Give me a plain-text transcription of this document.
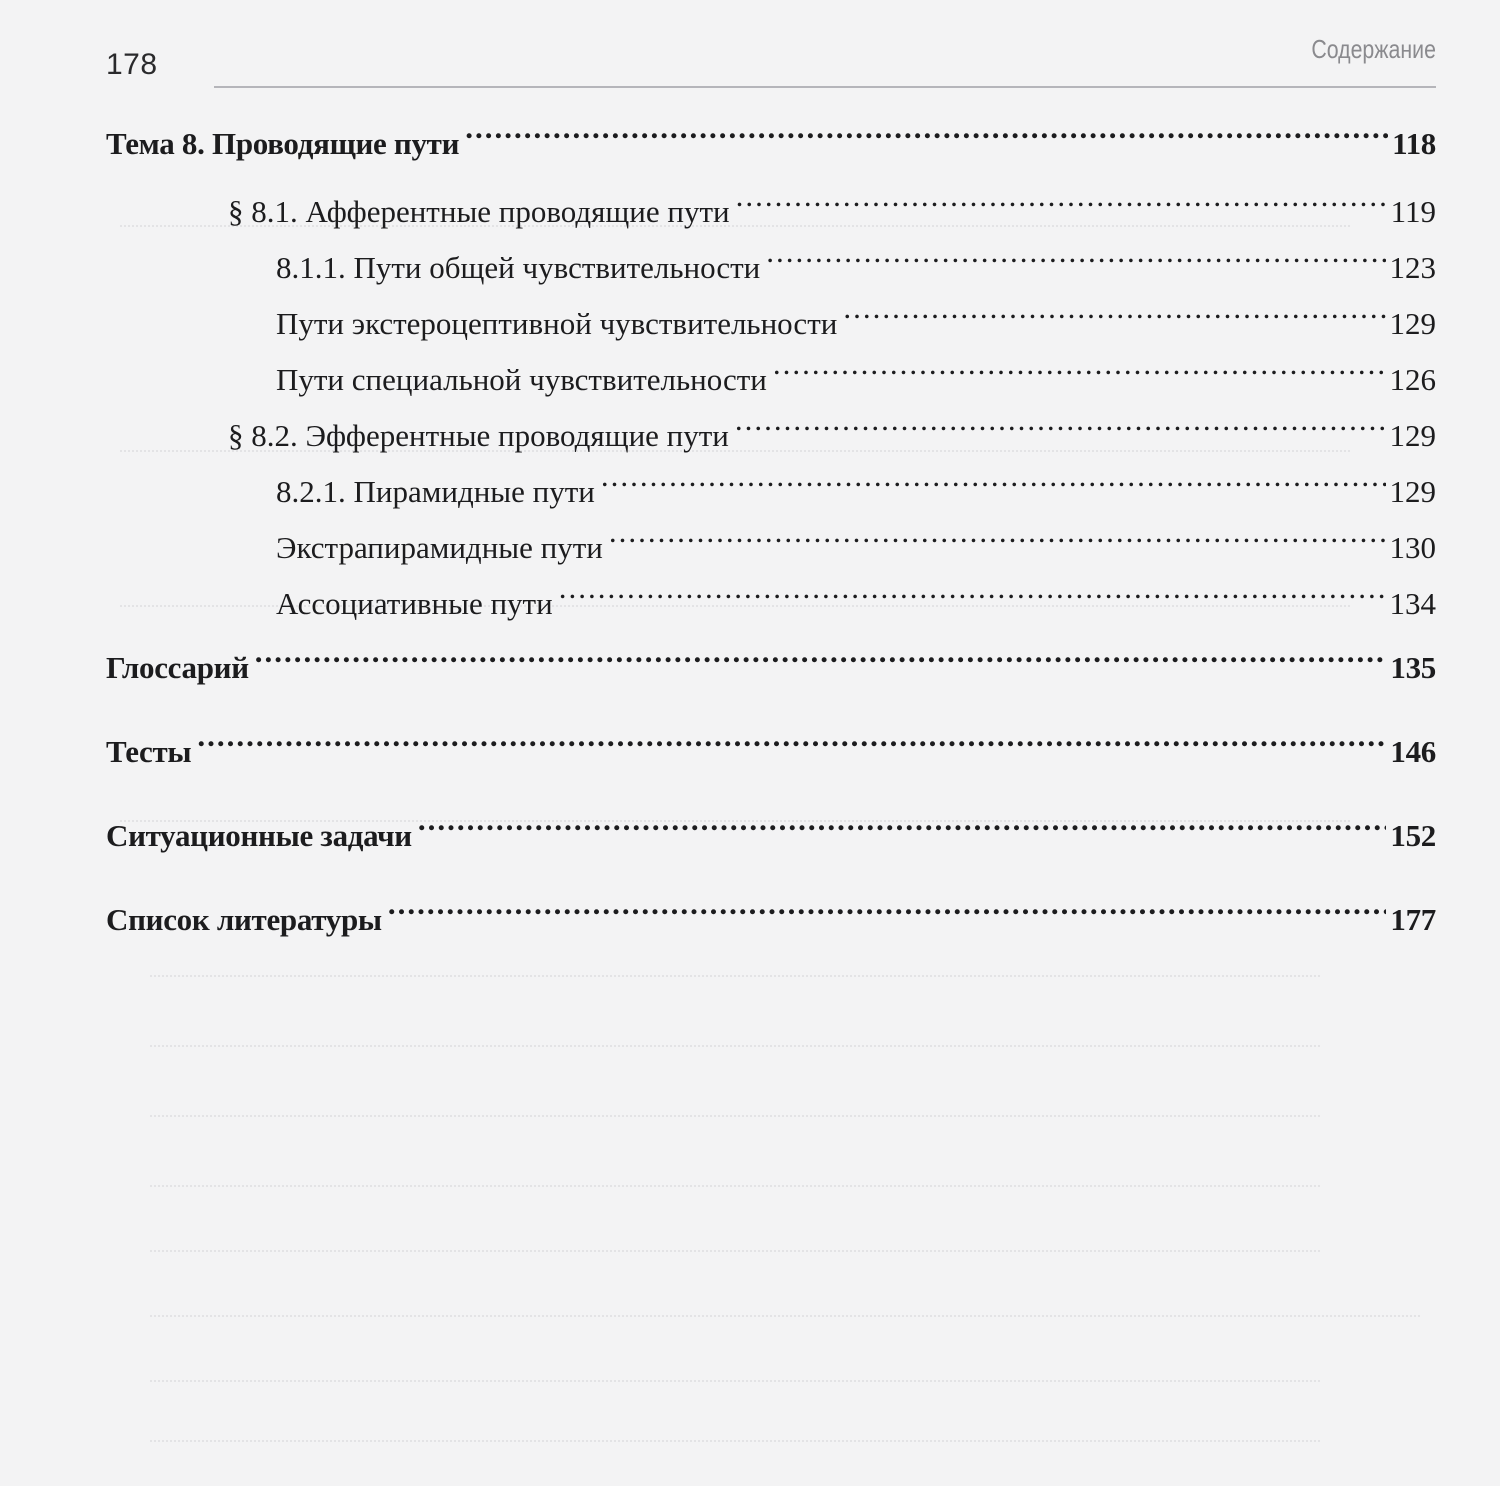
178	Содержание
Тема 8. Проводящие пути .....	118
§ 8.1. Афферентные проводящие пути .....	119
8.1.1. Пути общей чувствительности .....	123
Пути экстероцептивной чувствительности .....	129
Пути специальной чувствительности .....	126
§ 8.2. Эфферентные проводящие пути .....	129
8.2.1. Пирамидные пути .....	129
Экстрапирамидные пути .....	130
Ассоциативные пути .....	134
Глоссарий .....	135
Тесты .....	146
Ситуационные задачи .....	152
Список литературы .....	177
